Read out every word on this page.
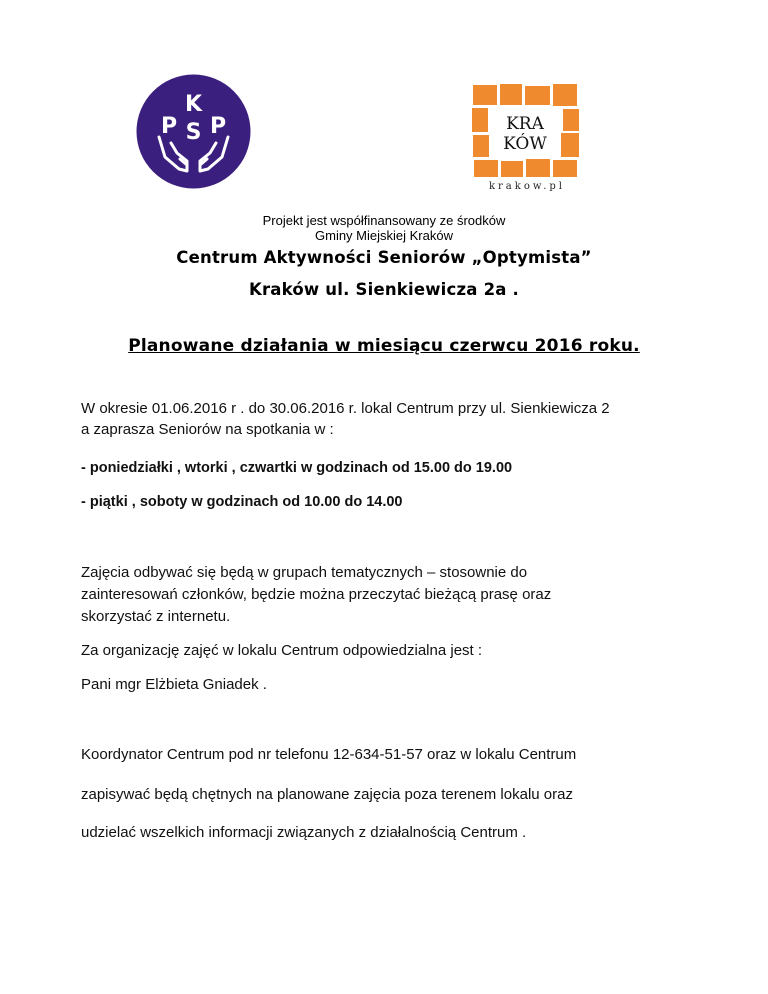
P
K
S P	KRA
KÓW
krakow.pl
Projekt jest współfinansowany ze środków
Gminy Miejskiej Kraków
Centrum Aktywności Seniorów „Optymista”
Kraków ul. Sienkiewicza 2a .
Planowane działania w miesiącu czerwcu 2016 roku.
W okresie 01.06.2016 r . do 30.06.2016 r. lokal Centrum przy ul. Sienkiewicza 2
a zaprasza Seniorów na spotkania w :
- poniedziałki , wtorki , czwartki w godzinach od 15.00 do 19.00
- piątki , soboty w godzinach od 10.00 do 14.00
Zajęcia odbywać się będą w grupach tematycznych – stosownie do
zainteresowań członków, będzie można przeczytać bieżącą prasę oraz
skorzystać z internetu.
Za organizację zajęć w lokalu Centrum odpowiedzialna jest :
Pani mgr Elżbieta Gniadek .
Koordynator Centrum pod nr telefonu 12-634-51-57 oraz w lokalu Centrum
zapisywać będą chętnych na planowane zajęcia poza terenem lokalu oraz
udzielać wszelkich informacji związanych z działalnością Centrum .
